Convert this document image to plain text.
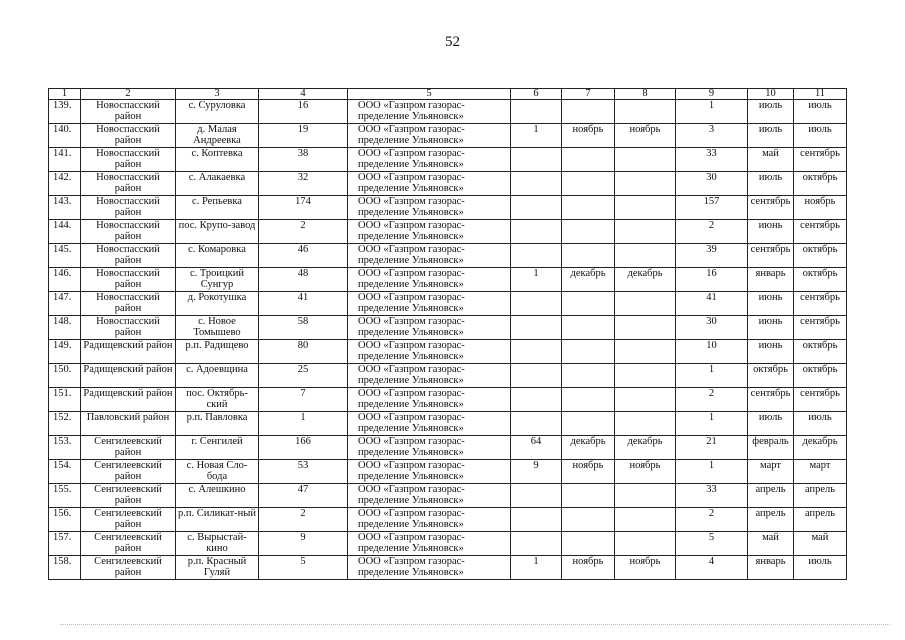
52
1	2	3	4	5	6	7	8	9	10	11
139.	Новоспасский район	с. Суруловка	16	ООО «Газпром газорас-пределение Ульяновск»				1	июль	июль
140.	Новоспасский район	д. Малая Андреевка	19	ООО «Газпром газорас-пределение Ульяновск»	1	ноябрь	ноябрь	3	июль	июль
141.	Новоспасский район	с. Коптевка	38	ООО «Газпром газорас-пределение Ульяновск»				33	май	сентябрь
142.	Новоспасский район	с. Алакаевка	32	ООО «Газпром газорас-пределение Ульяновск»				30	июль	октябрь
143.	Новоспасский район	с. Репьевка	174	ООО «Газпром газорас-пределение Ульяновск»				157	сентябрь	ноябрь
144.	Новоспасский район	пос. Крупо-завод	2	ООО «Газпром газорас-пределение Ульяновск»				2	июнь	сентябрь
145.	Новоспасский район	с. Комаровка	46	ООО «Газпром газорас-пределение Ульяновск»				39	сентябрь	октябрь
146.	Новоспасский район	с. Троицкий Сунгур	48	ООО «Газпром газорас-пределение Ульяновск»	1	декабрь	декабрь	16	январь	октябрь
147.	Новоспасский район	д. Рокотушка	41	ООО «Газпром газорас-пределение Ульяновск»				41	июнь	сентябрь
148.	Новоспасский район	с. Новое Томышево	58	ООО «Газпром газорас-пределение Ульяновск»				30	июнь	сентябрь
149.	Радищевский район	р.п. Радищево	80	ООО «Газпром газорас-пределение Ульяновск»				10	июнь	октябрь
150.	Радищевский район	с. Адоевщина	25	ООО «Газпром газорас-пределение Ульяновск»				1	октябрь	октябрь
151.	Радищевский район	пос. Октябрь-ский	7	ООО «Газпром газорас-пределение Ульяновск»				2	сентябрь	сентябрь
152.	Павловский район	р.п. Павловка	1	ООО «Газпром газорас-пределение Ульяновск»				1	июль	июль
153.	Сенгилеевский район	г. Сенгилей	166	ООО «Газпром газорас-пределение Ульяновск»	64	декабрь	декабрь	21	февраль	декабрь
154.	Сенгилеевский район	с. Новая Сло-бода	53	ООО «Газпром газорас-пределение Ульяновск»	9	ноябрь	ноябрь	1	март	март
155.	Сенгилеевский район	с. Алешкино	47	ООО «Газпром газорас-пределение Ульяновск»				33	апрель	апрель
156.	Сенгилеевский район	р.п. Силикат-ный	2	ООО «Газпром газорас-пределение Ульяновск»				2	апрель	апрель
157.	Сенгилеевский район	с. Вырыстай-кино	9	ООО «Газпром газорас-пределение Ульяновск»				5	май	май
158.	Сенгилеевский район	р.п. Красный Гуляй	5	ООО «Газпром газорас-пределение Ульяновск»	1	ноябрь	ноябрь	4	январь	июль
